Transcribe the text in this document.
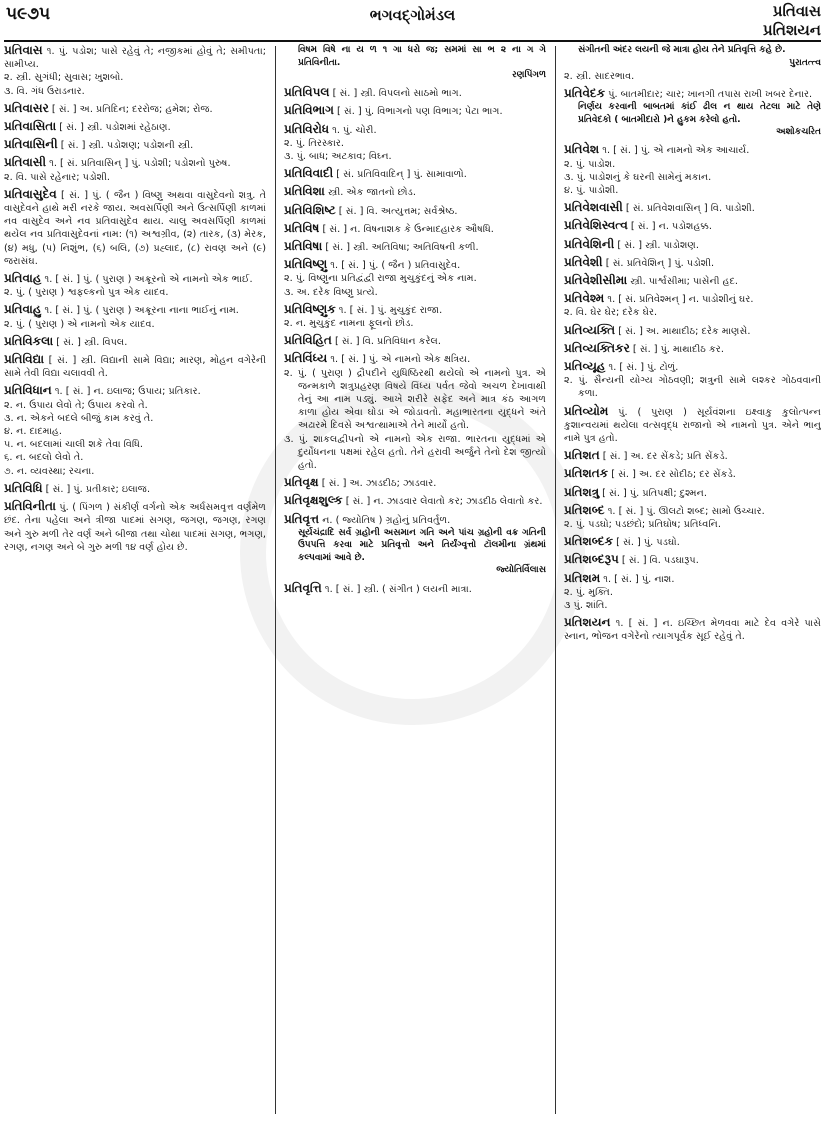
૫૯૭૫	ભગવદ્ગોમંડલ	પ્રતિવાસ
પ્રતિશયન
પ્રતિવાસ ૧. પું. પડોશ; પાસે રહેવું તે; નજીકમાં હોવું તે; સમીપતા; સામીપ્ય.
૨. સ્ત્રી. સુગંધી; સુવાસ; ખુશબો.
૩. વિ. ગંધ ઉરાડનાર.
પ્રતિવાસર [ સં. ] અ. પ્રતિદિન; દરરોજ; હમેશ; રોજ.
પ્રતિવાસિતા [ સં. ] સ્ત્રી. પડોશમાં રહેઠાણ.
પ્રતિવાસિની [ સં. ] સ્ત્રી. પડોશણ; પડોશની સ્ત્રી.
પ્રતિવાસી ૧. [ સં. પ્રતિવાસિન્ ] પું. પડોશી; પડોશનો પુરુષ.
૨. વિ. પાસે રહેનાર; પડોશી.
પ્રતિવાસુદેવ [ સં. ] પું. ( જૈન ) વિષ્ણુ અથવા વાસુદેવનો શત્રુ. તે વાસુદેવને હાથે મરી નરકે જાય. અવસર્પિણી અને ઉત્સર્પિણી કાળમાં નવ વાસુદેવ અને નવ પ્રતિવાસુદેવ થાય. ચાલુ અવસર્પિણી કાળમાં થયેલ નવ પ્રતિવાસુદેવનાં નામ: (૧) અશ્વગ્રીવ, (૨) તારક, (૩) મેરક, (૪) મધુ, (૫) નિશુંભ, (૬) બલિ, (૭) પ્રહ્લાદ, (૮) રાવણ અને (૯) જરાસંઘ.
પ્રતિવાહ ૧. [ સં. ] પું. ( પુરાણ ) અક્રૂરનો એ નામનો એક ભાઈ.
૨. પું. ( પુરાણ ) શ્વફલ્કનો પુત્ર એક યાદવ.
પ્રતિવાહુ ૧. [ સં. ] પું. ( પુરાણ ) અક્રૂરના નાના ભાઈનું નામ.
૨. પું. ( પુરાણ ) એ નામનો એક યાદવ.
પ્રતિવિકલા [ સં. ] સ્ત્રી. વિપલ.
પ્રતિવિદ્યા [ સં. ] સ્ત્રી. વિદ્યાની સામે વિદ્યા; મારણ, મોહન વગેરેની સામે તેવી વિદ્યા ચલાવવી તે.
પ્રતિવિધાન ૧. [ સં. ] ન. ઇલાજ; ઉપાય; પ્રતિકાર.
૨. ન. ઉપાય લેવો તે; ઉપાય કરવો તે.
૩. ન. એકને બદલે બીજું કામ કરવું તે.
૪. ન. દાદમાહ.
૫. ન. બદલામાં ચાલી શકે તેવા વિધિ.
૬. ન. બદલો લેવો તે.
૭. ન. વ્યવસ્થા; રચના.
પ્રતિવિધિ [ સં. ] પું. પ્રતીકાર; ઇલાજ.
પ્રતિવિનીતા પું. ( પિંગળ ) સંકીર્ણ વર્ગનો એક અર્ધસમવૃત્ત વર્ણમેળ છંદ. તેના પહેલા અને ત્રીજા પાદમાં સગણ, જગણ, જગણ, રગણ અને ગુરુ મળી તેર વર્ણ અને બીજા તથા ચોથા પાદમાં સગણ, ભગણ, રગણ, નગણ અને બે ગુરુ મળી ૧૪ વર્ણ હોય છે.
વિષમ વિષે ના ય ળ ૧ ગા ધરો જ; સમમાં સા ભ ૨ ના ગ ગે પ્રતિવિનીતા.
રણપિંગળ
પ્રતિવિપલ [ સં. ] સ્ત્રી. વિપલનો સાઠમો ભાગ.
પ્રતિવિભાગ [ સં. ] પું. વિભાગનો પણ વિભાગ; પેટા ભાગ.
પ્રતિવિરોધ ૧. પું. ચોરી.
૨. પું. તિરસ્કાર.
૩. પું. બાધ; અટકાવ; વિઘ્ન.
પ્રતિવિવાદી [ સં. પ્રતિવિવાદિન્ ] પું. સામાવાળો.
પ્રતિવિશા સ્ત્રી. એક જાતનો છોડ.
પ્રતિવિશિષ્ટ [ સં. ] વિ. અત્યુત્તમ; સર્વશ્રેષ્ઠ.
પ્રતિવિષ [ સં. ] ન. વિષનાશક કે ઉન્માદહારક ઔષધિ.
પ્રતિવિષા [ સં. ] સ્ત્રી. અતિવિષા; અતિવિષની કળી.
પ્રતિવિષ્ણુ ૧. [ સં. ] પું. ( જૈન ) પ્રતિવાસુદેવ.
૨. પું. વિષ્ણુના પ્રતિદ્વંદ્વી રાજા મુચુકુંદનું એક નામ.
૩. અ. દરેક વિષ્ણુ પ્રત્યે.
પ્રતિવિષ્ણુક ૧. [ સં. ] પું. મુચુકુંદ રાજા.
૨. ન. મુચુકુંદ નામના ફૂલનો છોડ.
પ્રતિવિહિત [ સં. ] વિ. પ્રતિવિધાન કરેલ.
પ્રતિવિંધ્ય ૧. [ સં. ] પું. એ નામનો એક ક્ષત્રિય.
૨. પું. ( પુરાણ ) દ્રૌપદીને યુધિષ્ઠિરથી થયેલો એ નામનો પુત્ર. એ જન્મકાળે શત્રુપ્રહરણ વિષયે વિંધ્ય પર્વત જેવો અચળ દેખાવાથી તેનું આ નામ પડ્યું. આખે શરીરે સફેદ અને માત્ર કંઠ આગળ કાળા હોય એવા ઘોડા એ જોડાવતો. મહાભારતના યુદ્ધને અંતે અઢારમે દિવસે અશ્વત્થામાએ તેને માર્યો હતો.
૩. પું. શાકલદ્વીપનો એ નામનો એક રાજા. ભારતના યુદ્ધમાં એ દુર્યોધનના પક્ષમાં રહેલ હતો. તેને હરાવી અર્જુને તેનો દેશ જીત્યો હતો.
પ્રતિવૃક્ષ [ સં. ] અ. ઝાડદીઠ; ઝાડવાર.
પ્રતિવૃક્ષશુલ્ક [ સં. ] ન. ઝાડવાર લેવાતો કર; ઝાડદીઠ લેવાતો કર.
પ્રતિવૃત્ત ન. ( જ્યોતિષ ) ગ્રહોનું પ્રતિવર્તુળ.
સૂર્યચંદ્રાદિ સર્વ ગ્રહોની અસમાન ગતિ અને પાંચ ગ્રહોની વક્ર ગતિની ઉપપત્તિ કરવા માટે પ્રતિવૃત્તો અને તિર્યંગ્વૃત્તો ટૉલમીના ગ્રંથમાં કલ્પવામાં આવે છે.
જ્યોતિર્વિલાસ
પ્રતિવૃત્તિ ૧. [ સં. ] સ્ત્રી. ( સંગીત ) લયની માત્રા.
સંગીતની અંદર લયની જે માત્રા હોય તેને પ્રતિવૃત્તિ કહે છે.
પુરાતત્ત્વ
૨. સ્ત્રી. સાદરભાવ.
પ્રતિવેદક પું. બાતમીદાર; ચાર; ખાનગી તપાસ રાખી ખબર દેનાર.
નિર્ણય કરવાની બાબતમાં કાંઈ ઢીલ ન થાય તેટલા માટે તેણે પ્રતિવેદકો ( બાતમીદારો )ને હુકમ કરેલો હતો.
અશોકચરિત
પ્રતિવેશ ૧. [ સં. ] પું. એ નામનો એક આચાર્ય.
૨. પું. પાડોશ.
૩. પું. પાડોશનું કે ઘરની સામેનું મકાન.
૪. પું. પાડોશી.
પ્રતિવેશવાસી [ સં. પ્રતિવેશવાસિન્ ] વિ. પાડોશી.
પ્રતિવેશિસ્વત્વ [ સં. ] ન. પડોશહક્ક.
પ્રતિવેશિની [ સં. ] સ્ત્રી. પાડોશણ.
પ્રતિવેશી [ સં. પ્રતિવેશિન્ ] પું. પડોશી.
પ્રતિવેશીસીમા સ્ત્રી. પાર્શ્વસીમા; પાસેની હદ.
પ્રતિવેશ્મ ૧. [ સં. પ્રતિવેશ્મન્ ] ન. પાડોશીનું ઘર.
૨. વિ. ઘેર ઘેર; દરેક ઘેર.
પ્રતિવ્યક્તિ [ સં. ] અ. માથાદીઠ; દરેક માણસે.
પ્રતિવ્યક્તિકર [ સં. ] પું. માથાદીઠ કર.
પ્રતિવ્યૂહ ૧. [ સં. ] પું. ટોળું.
૨. પું. સૈન્યની યોગ્ય ગોઠવણી; શત્રુની સામે લશ્કર ગોઠવવાની કળા.
પ્રતિવ્યોમ પું. ( પુરાણ ) સૂર્યવંશના ઇક્ષ્વાકુ કુલોત્પન્ન કુશાન્વયમાં થયેલા વત્સવૃદ્ધ રાજાનો એ નામનો પુત્ર. એને ભાનુ નામે પુત્ર હતો.
પ્રતિશત [ સં. ] અ. દર સેંકડે; પ્રતિ સેંકડે.
પ્રતિશતક [ સં. ] અ. દર સોદીઠ; દર સેંકડે.
પ્રતિશત્રુ [ સં. ] પું. પ્રતિપક્ષી; દુશ્મન.
પ્રતિશબ્દ ૧. [ સં. ] પું. ઊલટો શબ્દ; સામો ઉચ્ચાર.
૨. પું. પડઘો; પડછંદો; પ્રતિઘોષ; પ્રતિધ્વનિ.
પ્રતિશબ્દક [ સં. ] પું. પડઘો.
પ્રતિશબ્દરૂપ [ સં. ] વિ. પડઘારૂપ.
પ્રતિશમ ૧. [ સં. ] પું. નાશ.
૨. પું. મુક્તિ.
૩ પું. શાંતિ.
પ્રતિશયન ૧. [ સં. ] ન. ઇચ્છિત મેળવવા માટે દેવ વગેરે પાસે સ્નાન, ભોજન વગેરેનો ત્યાગપૂર્વક સૂઈ રહેવું તે.
